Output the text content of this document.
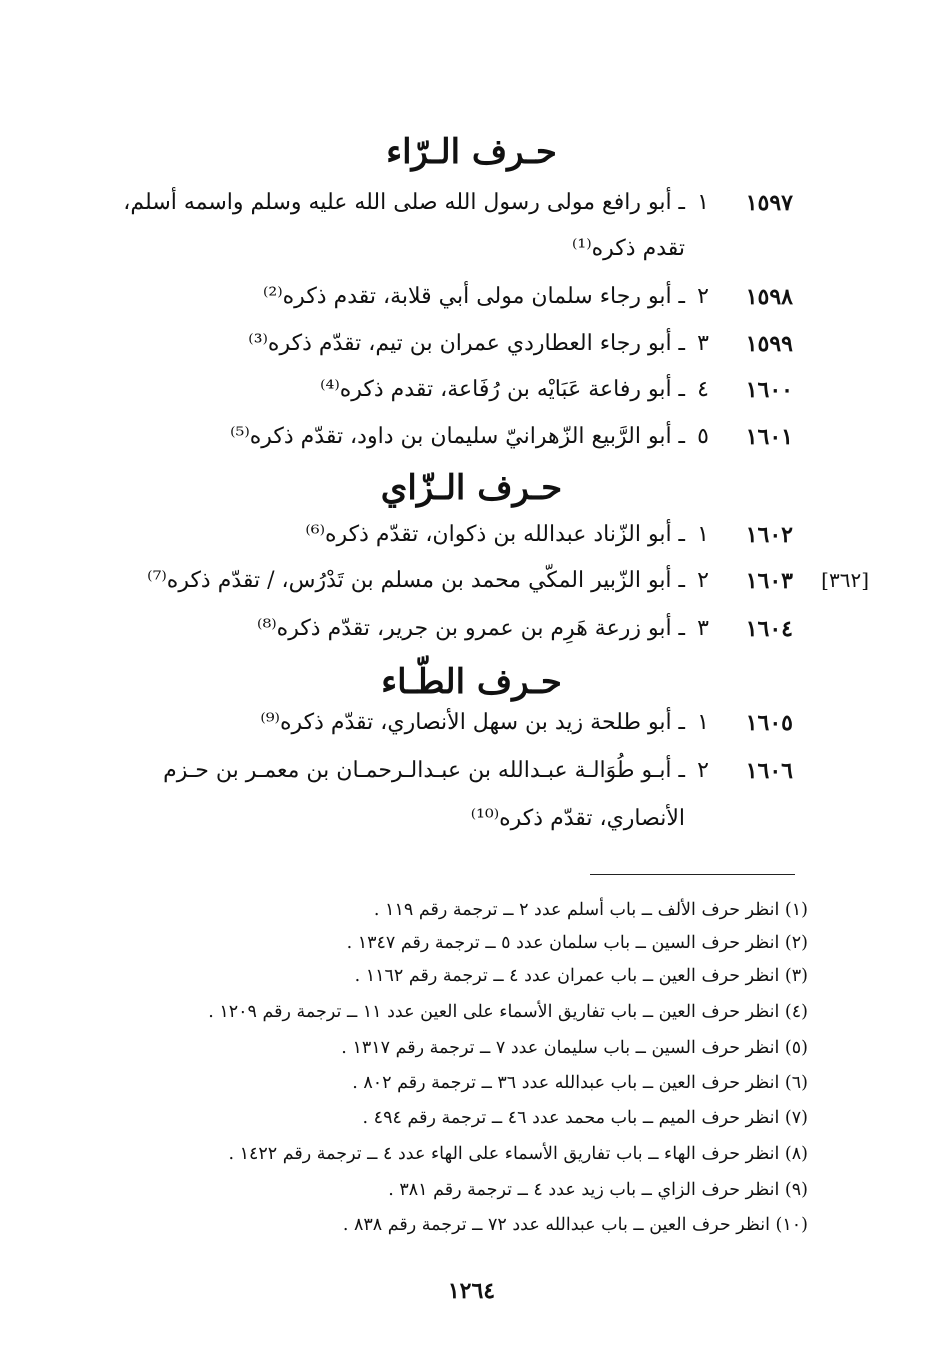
حـرف الـرّاء
١٥٩٧
١
ـ أبو رافع مولى رسول الله صلى الله عليه وسلم واسمه أسلم،
تقدم ذكره⁽¹⁾
١٥٩٨
٢
ـ أبو رجاء سلمان مولى أبي قلابة، تقدم ذكره⁽²⁾
١٥٩٩
٣
ـ أبو رجاء العطاردي عمران بن تيم، تقدّم ذكره⁽³⁾
١٦٠٠
٤
ـ أبو رفاعة عَبَايْه بن رُفَاعة، تقدم ذكره⁽⁴⁾
١٦٠١
٥
ـ أبو الرَّبيع الزّهرانيّ سليمان بن داود، تقدّم ذكره⁽⁵⁾
حـرف الـزّاي
١٦٠٢
١
ـ أبو الزّناد عبدالله بن ذكوان، تقدّم ذكره⁽⁶⁾
[٣٦٢]
١٦٠٣
٢
ـ أبو الزّبير المكّي محمد بن مسلم بن تَدْرُس، / تقدّم ذكره⁽⁷⁾
١٦٠٤
٣
ـ أبو زرعة هَرِم بن عمرو بن جرير، تقدّم ذكره⁽⁸⁾
حـرف الطّـاء
١٦٠٥
١
ـ أبو طلحة زيد بن سهل الأنصاري، تقدّم ذكره⁽⁹⁾
١٦٠٦
٢
ـ أبـو طُوَالـة عبـدالله بن عبـدالـرحمـان بن معمـر بن حـزم
الأنصاري، تقدّم ذكره⁽¹⁰⁾
(١) انظر حرف الألف ــ باب أسلم عدد ٢ ــ ترجمة رقم ١١٩ .
(٢) انظر حرف السين ــ باب سلمان عدد ٥ ــ ترجمة رقم ١٣٤٧ .
(٣) انظر حرف العين ــ باب عمران عدد ٤ ــ ترجمة رقم ١١٦٢ .
(٤) انظر حرف العين ــ باب تفاريق الأسماء على العين عدد ١١ ــ ترجمة رقم ١٢٠٩ .
(٥) انظر حرف السين ــ باب سليمان عدد ٧ ــ ترجمة رقم ١٣١٧ .
(٦) انظر حرف العين ــ باب عبدالله عدد ٣٦ ــ ترجمة رقم ٨٠٢ .
(٧) انظر حرف الميم ــ باب محمد عدد ٤٦ ــ ترجمة رقم ٤٩٤ .
(٨) انظر حرف الهاء ــ باب تفاريق الأسماء على الهاء عدد ٤ ــ ترجمة رقم ١٤٢٢ .
(٩) انظر حرف الزاي ــ باب زيد عدد ٤ ــ ترجمة رقم ٣٨١ .
(١٠) انظر حرف العين ــ باب عبدالله عدد ٧٢ ــ ترجمة رقم ٨٣٨ .
١٢٦٤
